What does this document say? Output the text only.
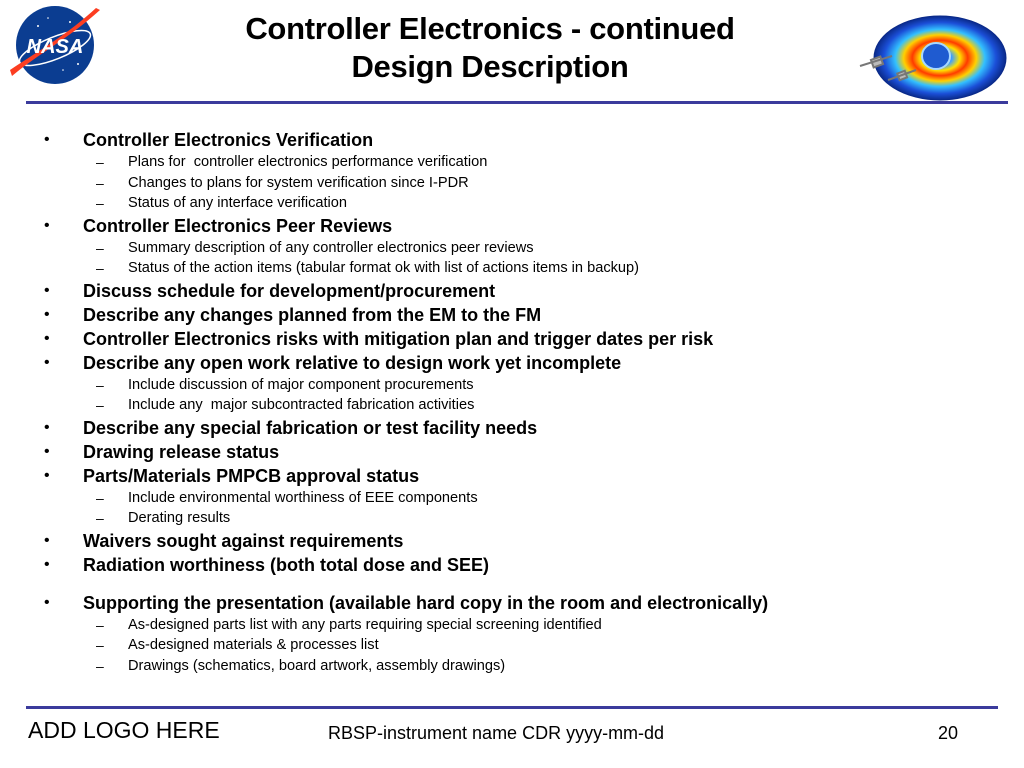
NASA
Controller Electronics - continued
Design Description
• Controller Electronics Verification
– Plans for  controller electronics performance verification
– Changes to plans for system verification since I-PDR
– Status of any interface verification
• Controller Electronics Peer Reviews
– Summary description of any controller electronics peer reviews
– Status of the action items (tabular format ok with list of actions items in backup)
• Discuss schedule for development/procurement
• Describe any changes planned from the EM to the FM
• Controller Electronics risks with mitigation plan and trigger dates per risk
• Describe any open work relative to design work yet incomplete
– Include discussion of major component procurements
– Include any  major subcontracted fabrication activities
• Describe any special fabrication or test facility needs
• Drawing release status
• Parts/Materials PMPCB approval status
– Include environmental worthiness of EEE components
– Derating results
• Waivers sought against requirements
• Radiation worthiness (both total dose and SEE)
• Supporting the presentation (available hard copy in the room and electronically)
– As-designed parts list with any parts requiring special screening identified
– As-designed materials & processes list
– Drawings (schematics, board artwork, assembly drawings)
ADD LOGO HERE	RBSP-instrument name CDR yyyy-mm-dd	20
